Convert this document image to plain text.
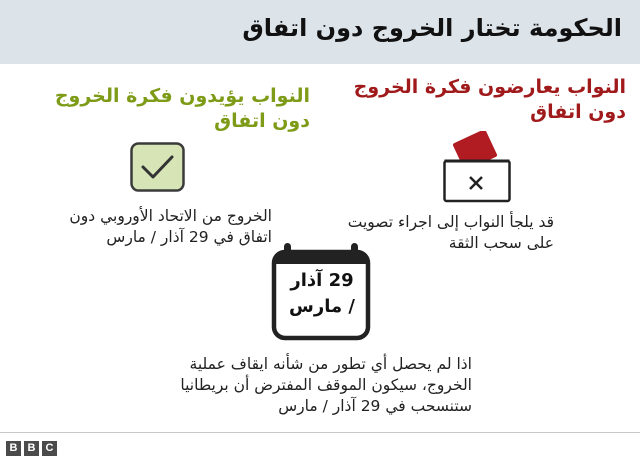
الحكومة تختار الخروج دون اتفاق
النواب يعارضون فكرة الخروج دون اتفاق
النواب يؤيدون فكرة الخروج دون اتفاق
قد يلجأ النواب إلى اجراء تصويت على سحب الثقة
الخروج من الاتحاد الأوروبي دون اتفاق في 29 آذار / مارس
29 آذار
/ مارس
اذا لم يحصل أي تطور من شأنه ايقاف عملية الخروج، سيكون الموقف المفترض أن بريطانيا ستنسحب في 29 آذار / مارس
B B C
